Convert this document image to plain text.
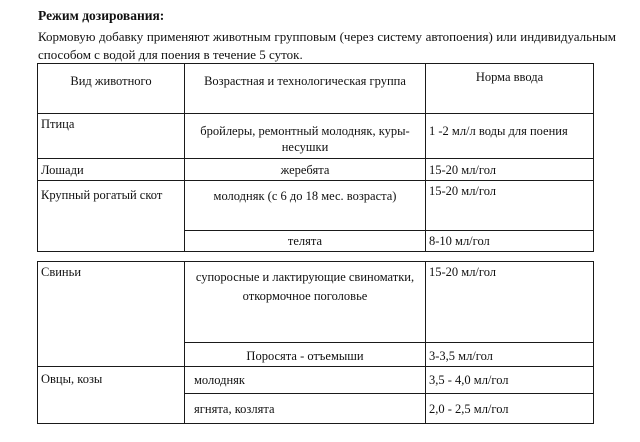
Режим дозирования:
Кормовую добавку применяют животным групповым (через систему автопоения) или индивидуальным способом с водой для поения в течение 5 суток.
Вид животного	Возрастная и технологическая группа	Норма ввода
Птица	бройлеры, ремонтный молодняк, куры-несушки	1 -2 мл/л воды для поения
Лошади	жеребята	15-20 мл/гол
Крупный рогатый скот	молодняк (с 6 до 18 мес. возраста)	15-20 мл/гол
	телята	8-10 мл/гол
Свиньи	супоросные и лактирующие свиноматки, откормочное поголовье	15-20 мл/гол
	Поросята - отъемыши	3-3,5 мл/гол
Овцы, козы	молодняк	3,5 - 4,0 мл/гол
	ягнята, козлята	2,0 - 2,5 мл/гол
